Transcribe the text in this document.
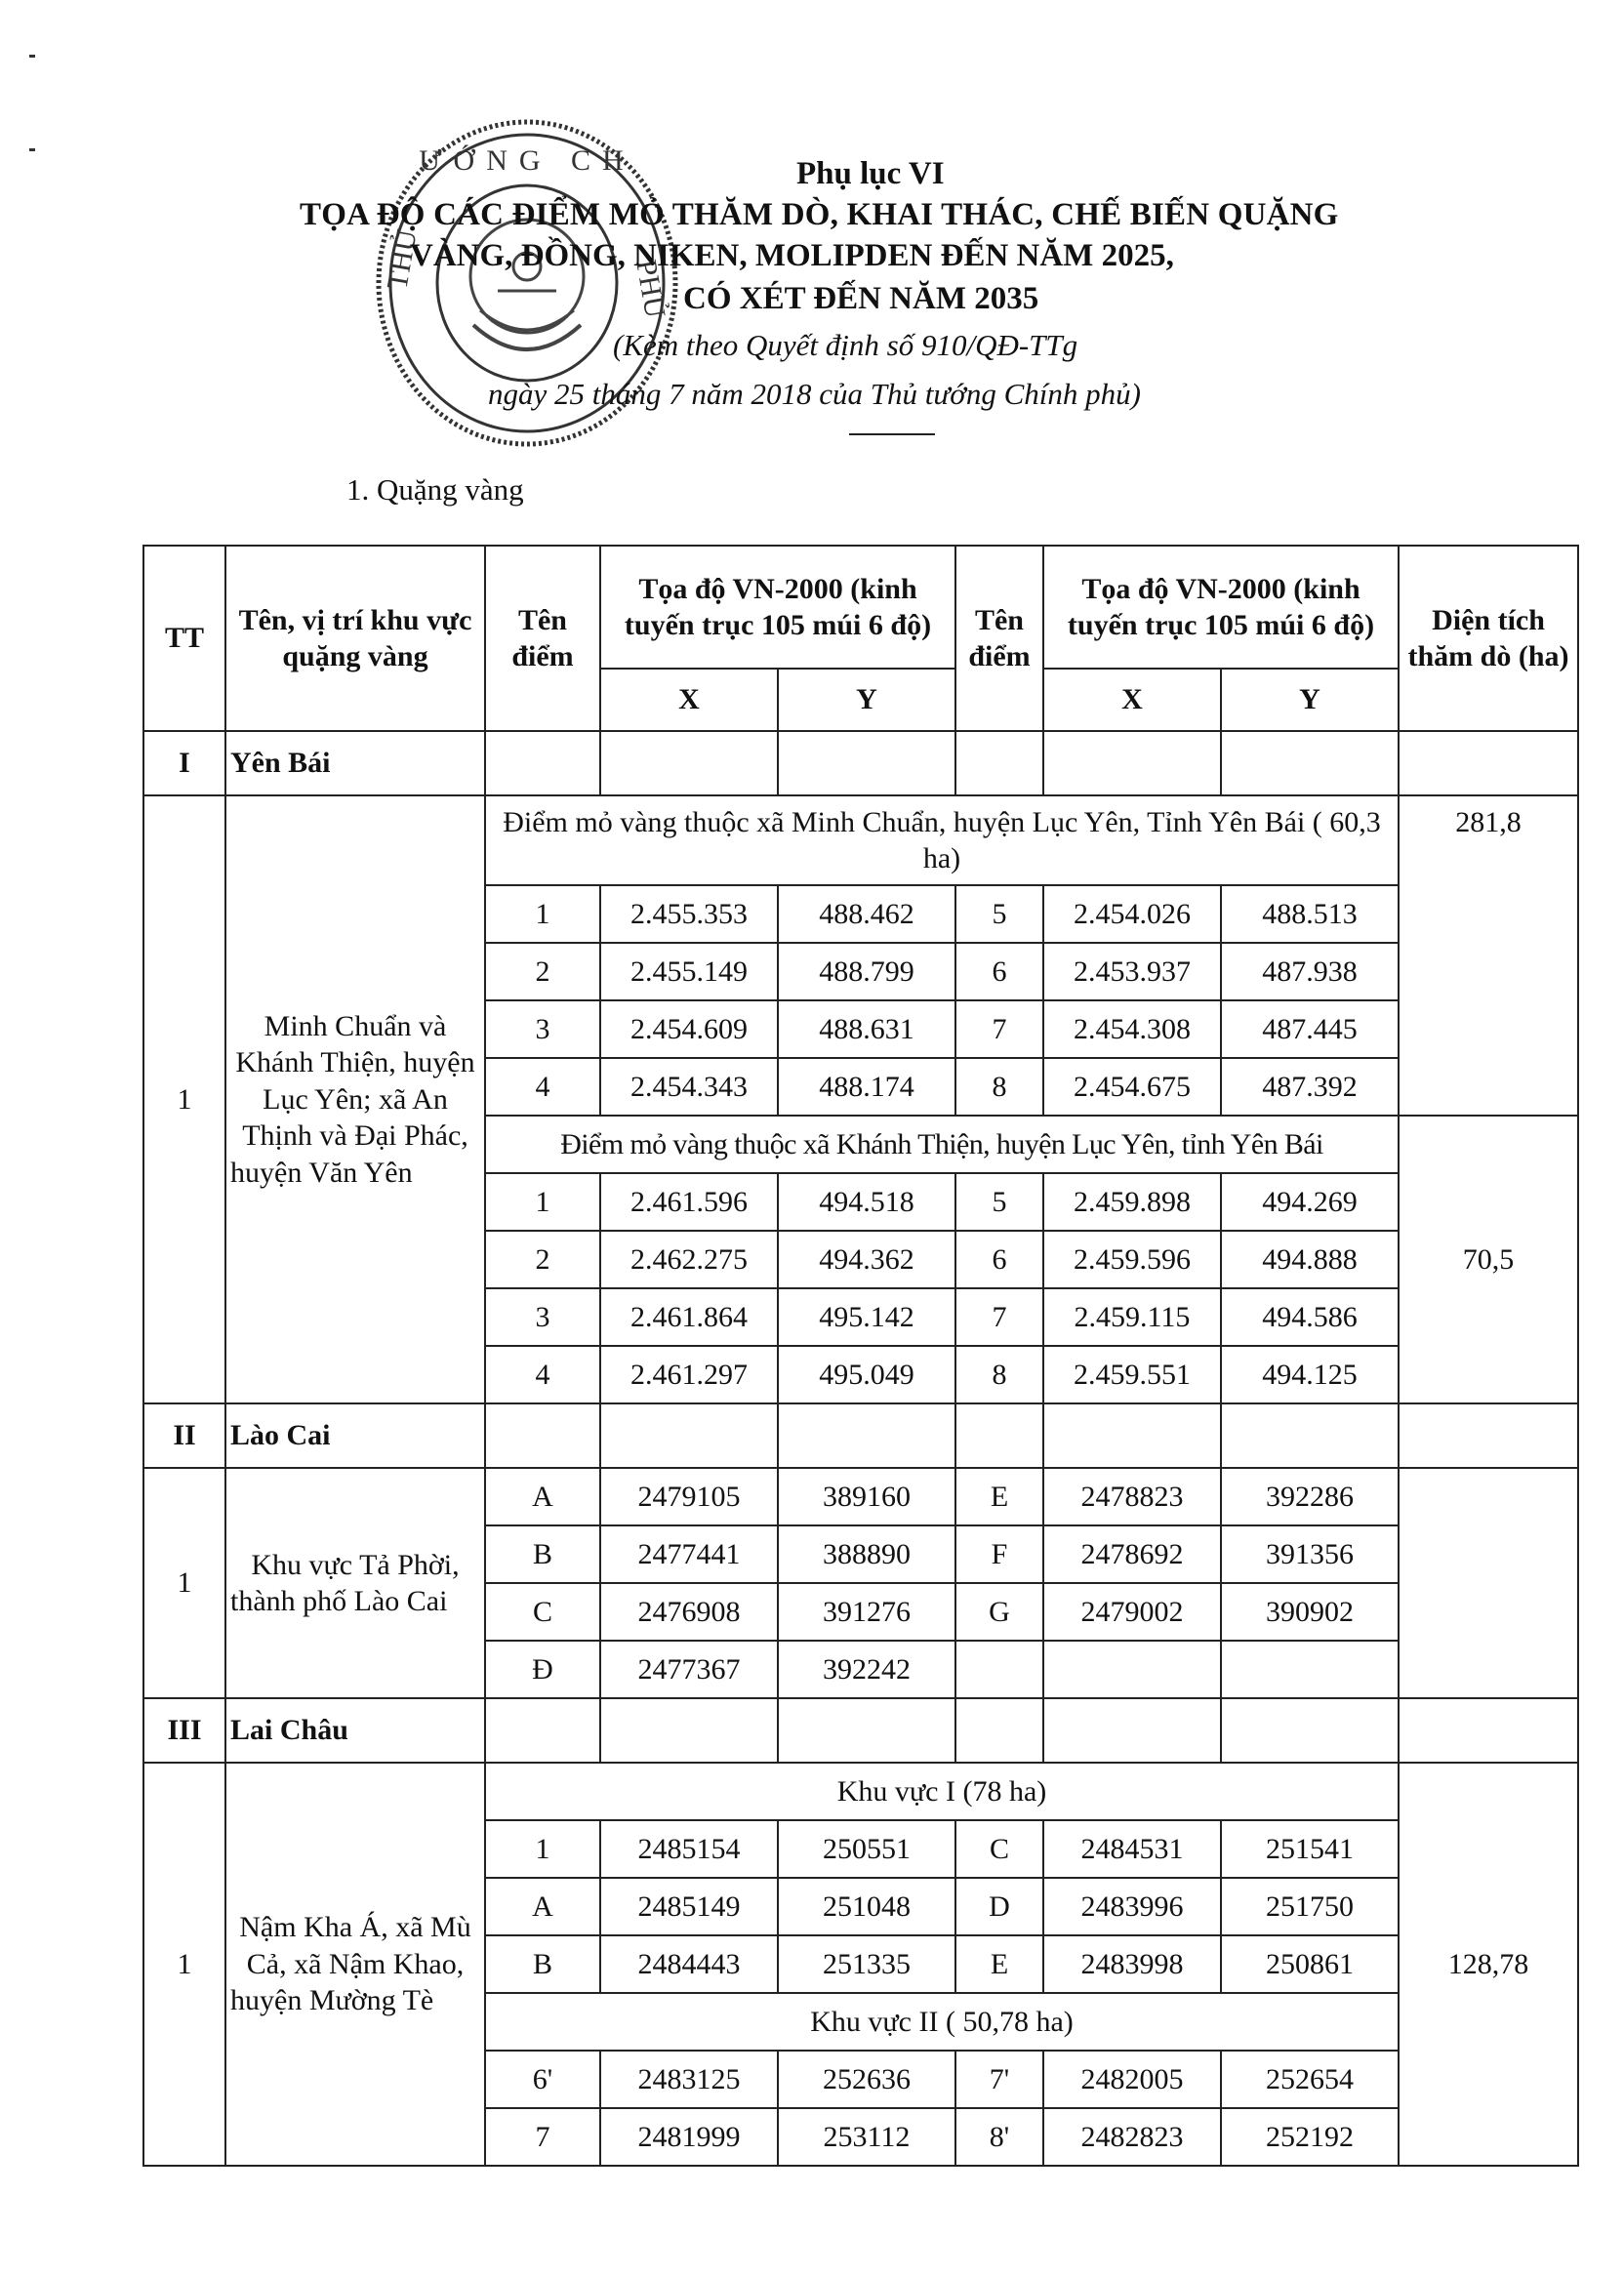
ƯỚNG CH
THỦ	PHỦ
Phụ lục VI
TỌA ĐỘ CÁC ĐIỂM MỎ THĂM DÒ, KHAI THÁC, CHẾ BIẾN QUẶNG
VÀNG, ĐỒNG, NIKEN, MOLIPDEN ĐẾN NĂM 2025,
CÓ XÉT ĐẾN NĂM 2035
(Kèm theo Quyết định số 910/QĐ-TTg
ngày 25 tháng 7 năm 2018 của Thủ tướng Chính phủ)
1. Quặng vàng
TT	Tên, vị trí khu vực quặng vàng	Tên điểm	Tọa độ VN-2000 (kinh tuyến trục 105 múi 6 độ)		Tên điểm	Tọa độ VN-2000 (kinh tuyến trục 105 múi 6 độ)		Diện tích thăm dò (ha)
			X	Y		X	Y	
I	Yên Bái							
1	Minh Chuẩn và Khánh Thiện, huyện Lục Yên; xã An Thịnh và Đại Phác, huyện Văn Yên	Điểm mỏ vàng thuộc xã Minh Chuẩn, huyện Lục Yên, Tỉnh Yên Bái ( 60,3 ha)						281,8
		1	2.455.353	488.462	5	2.454.026	488.513	
		2	2.455.149	488.799	6	2.453.937	487.938	
		3	2.454.609	488.631	7	2.454.308	487.445	
		4	2.454.343	488.174	8	2.454.675	487.392	
		Điểm mỏ vàng thuộc xã Khánh Thiện, huyện Lục Yên, tỉnh Yên Bái						70,5
		1	2.461.596	494.518	5	2.459.898	494.269	
		2	2.462.275	494.362	6	2.459.596	494.888	
		3	2.461.864	495.142	7	2.459.115	494.586	
		4	2.461.297	495.049	8	2.459.551	494.125	
II	Lào Cai							
1	Khu vực Tả Phời, thành phố Lào Cai	A	2479105	389160	E	2478823	392286	
		B	2477441	388890	F	2478692	391356	
		C	2476908	391276	G	2479002	390902	
		Đ	2477367	392242				
III	Lai Châu							
1	Nậm Kha Á, xã Mù Cả, xã Nậm Khao, huyện Mường Tè	Khu vực I (78 ha)						128,78
		1	2485154	250551	C	2484531	251541	
		A	2485149	251048	D	2483996	251750	
		B	2484443	251335	E	2483998	250861	
		Khu vực II ( 50,78 ha)						
		6'	2483125	252636	7'	2482005	252654	
		7	2481999	253112	8'	2482823	252192	
